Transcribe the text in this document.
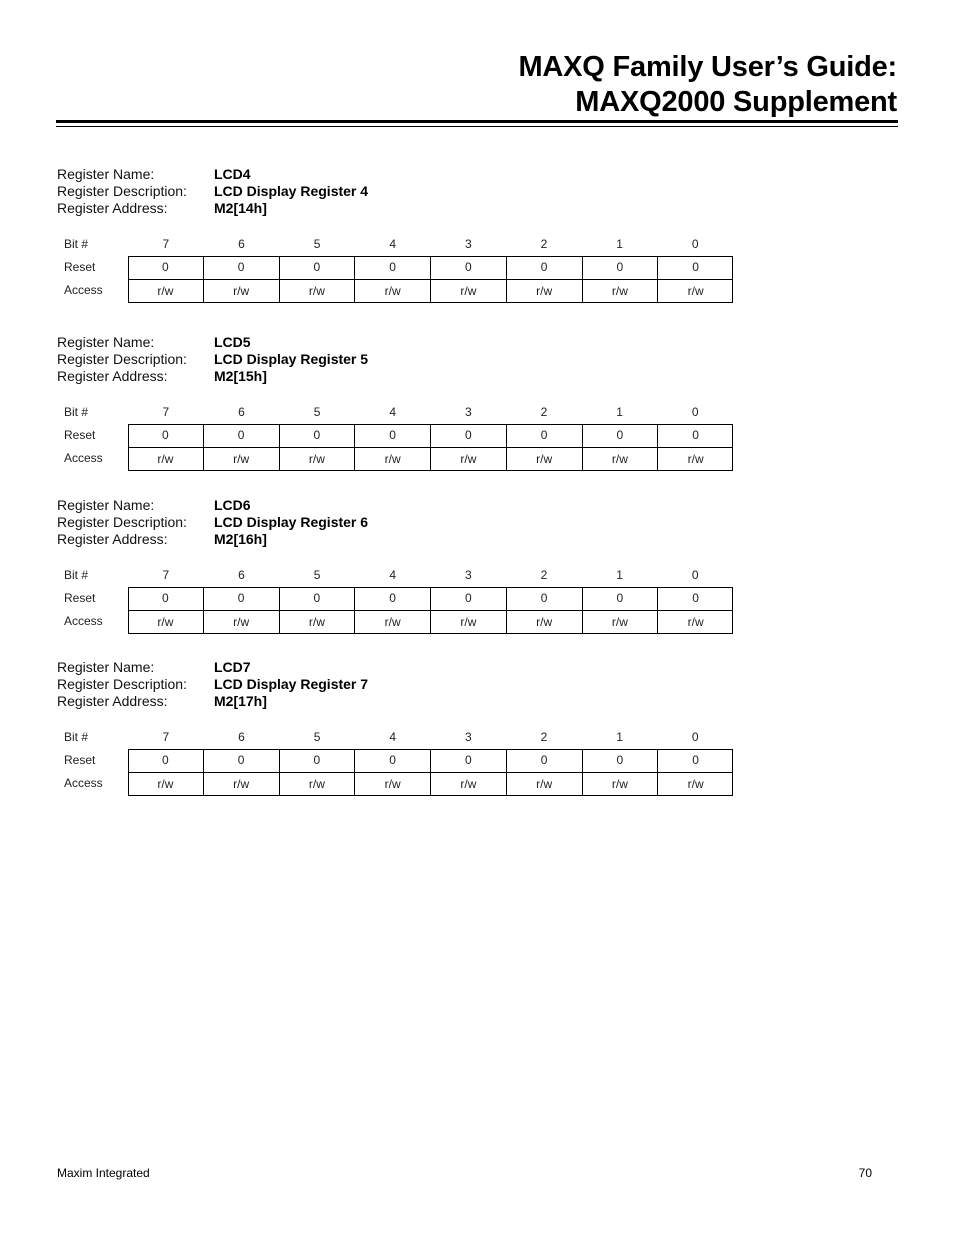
MAXQ Family User’s Guide:
MAXQ2000 Supplement
Register Name:	LCD4
Register Description: LCD Display Register 4
Register Address:	M2[14h]
Bit #	7	6	5	4	3	2	1	0
Reset	0	0	0	0	0	0	0	0
Access	r/w	r/w	r/w	r/w	r/w	r/w	r/w	r/w
Register Name:	LCD5
Register Description: LCD Display Register 5
Register Address:	M2[15h]
Bit #	7	6	5	4	3	2	1	0
Reset	0	0	0	0	0	0	0	0
Access	r/w	r/w	r/w	r/w	r/w	r/w	r/w	r/w
Register Name:	LCD6
Register Description: LCD Display Register 6
Register Address:	M2[16h]
Bit #	7	6	5	4	3	2	1	0
Reset	0	0	0	0	0	0	0	0
Access	r/w	r/w	r/w	r/w	r/w	r/w	r/w	r/w
Register Name:	LCD7
Register Description: LCD Display Register 7
Register Address:	M2[17h]
Bit #	7	6	5	4	3	2	1	0
Reset	0	0	0	0	0	0	0	0
Access	r/w	r/w	r/w	r/w	r/w	r/w	r/w	r/w
Maxim Integrated	70
